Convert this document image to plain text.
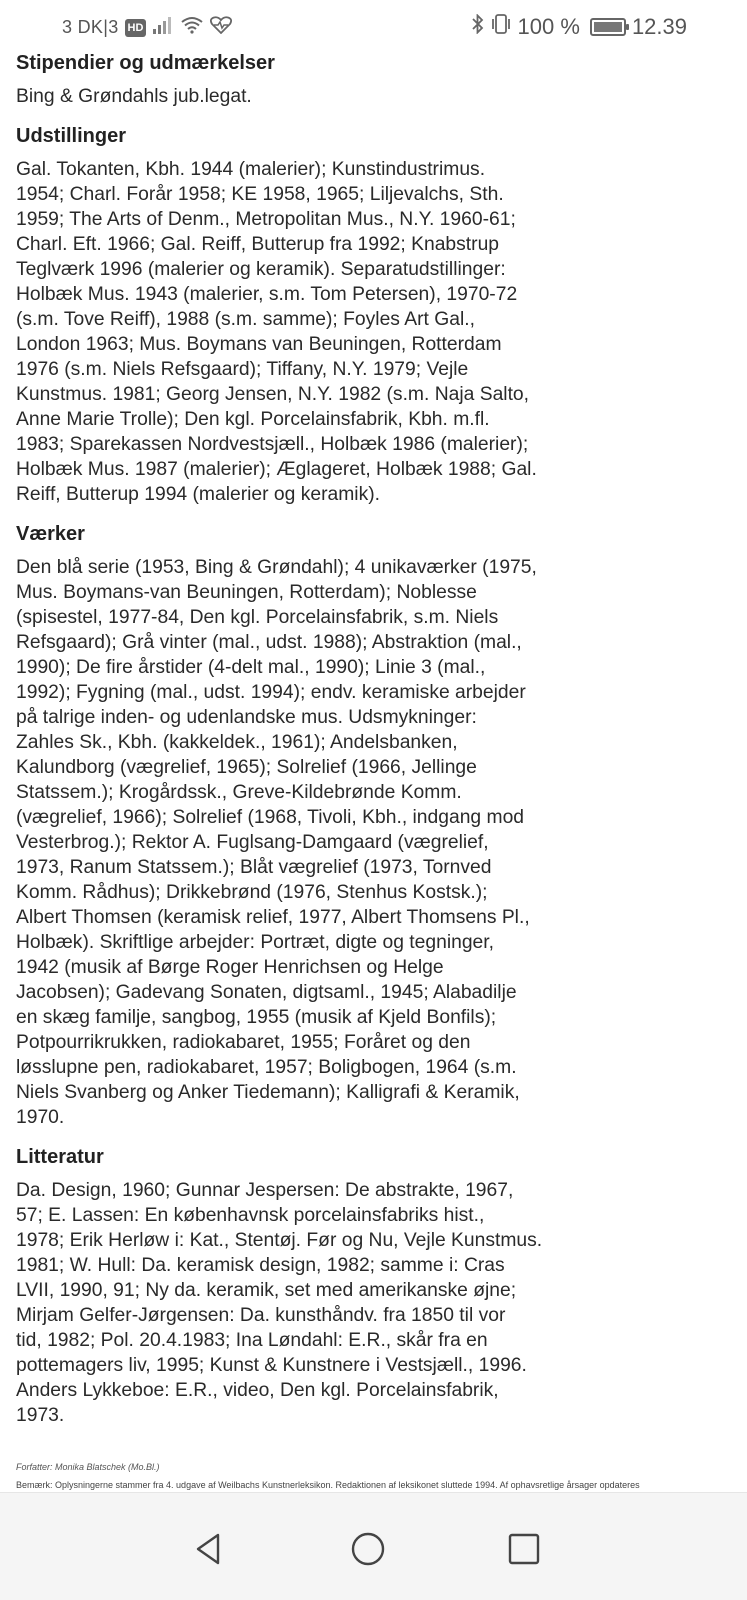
3 DK|3 HD	100 % 12.39
Stipendier og udmærkelser
Bing & Grøndahls jub.legat.
Udstillinger
Gal. Tokanten, Kbh. 1944 (malerier); Kunstindustrimus.
1954; Charl. Forår 1958; KE 1958, 1965; Liljevalchs, Sth.
1959; The Arts of Denm., Metropolitan Mus., N.Y. 1960-61;
Charl. Eft. 1966; Gal. Reiff, Butterup fra 1992; Knabstrup
Teglværk 1996 (malerier og keramik). Separatudstillinger:
Holbæk Mus. 1943 (malerier, s.m. Tom Petersen), 1970-72
(s.m. Tove Reiff), 1988 (s.m. samme); Foyles Art Gal.,
London 1963; Mus. Boymans van Beuningen, Rotterdam
1976 (s.m. Niels Refsgaard); Tiffany, N.Y. 1979; Vejle
Kunstmus. 1981; Georg Jensen, N.Y. 1982 (s.m. Naja Salto,
Anne Marie Trolle); Den kgl. Porcelainsfabrik, Kbh. m.fl.
1983; Sparekassen Nordvestsjæll., Holbæk 1986 (malerier);
Holbæk Mus. 1987 (malerier); Æglageret, Holbæk 1988; Gal.
Reiff, Butterup 1994 (malerier og keramik).
Værker
Den blå serie (1953, Bing & Grøndahl); 4 unikaværker (1975,
Mus. Boymans-van Beuningen, Rotterdam); Noblesse
(spisestel, 1977-84, Den kgl. Porcelainsfabrik, s.m. Niels
Refsgaard); Grå vinter (mal., udst. 1988); Abstraktion (mal.,
1990); De fire årstider (4-delt mal., 1990); Linie 3 (mal.,
1992); Fygning (mal., udst. 1994); endv. keramiske arbejder
på talrige inden- og udenlandske mus. Udsmykninger:
Zahles Sk., Kbh. (kakkeldek., 1961); Andelsbanken,
Kalundborg (vægrelief, 1965); Solrelief (1966, Jellinge
Statssem.); Krogårdssk., Greve-Kildebrønde Komm.
(vægrelief, 1966); Solrelief (1968, Tivoli, Kbh., indgang mod
Vesterbrog.); Rektor A. Fuglsang-Damgaard (vægrelief,
1973, Ranum Statssem.); Blåt vægrelief (1973, Tornved
Komm. Rådhus); Drikkebrønd (1976, Stenhus Kostsk.);
Albert Thomsen (keramisk relief, 1977, Albert Thomsens Pl.,
Holbæk). Skriftlige arbejder: Portræt, digte og tegninger,
1942 (musik af Børge Roger Henrichsen og Helge
Jacobsen); Gadevang Sonaten, digtsaml., 1945; Alabadilje
en skæg familje, sangbog, 1955 (musik af Kjeld Bonfils);
Potpourrikrukken, radiokabaret, 1955; Foråret og den
løsslupne pen, radiokabaret, 1957; Boligbogen, 1964 (s.m.
Niels Svanberg og Anker Tiedemann); Kalligrafi & Keramik,
1970.
Litteratur
Da. Design, 1960; Gunnar Jespersen: De abstrakte, 1967,
57; E. Lassen: En københavnsk porcelainsfabriks hist.,
1978; Erik Herløw i: Kat., Stentøj. Før og Nu, Vejle Kunstmus.
1981; W. Hull: Da. keramisk design, 1982; samme i: Cras
LVII, 1990, 91; Ny da. keramik, set med amerikanske øjne;
Mirjam Gelfer-Jørgensen: Da. kunsthåndv. fra 1850 til vor
tid, 1982; Pol. 20.4.1983; Ina Løndahl: E.R., skår fra en
pottemagers liv, 1995; Kunst & Kunstnere i Vestsjæll., 1996.
Anders Lykkeboe: E.R., video, Den kgl. Porcelainsfabrik,
1973.
Forfatter: Monika Blatschek (Mo.Bl.)
Bemærk: Oplysningerne stammer fra 4. udgave af Weilbachs Kunstnerleksikon. Redaktionen af leksikonet sluttede 1994. Af ophavsretlige årsager opdateres
